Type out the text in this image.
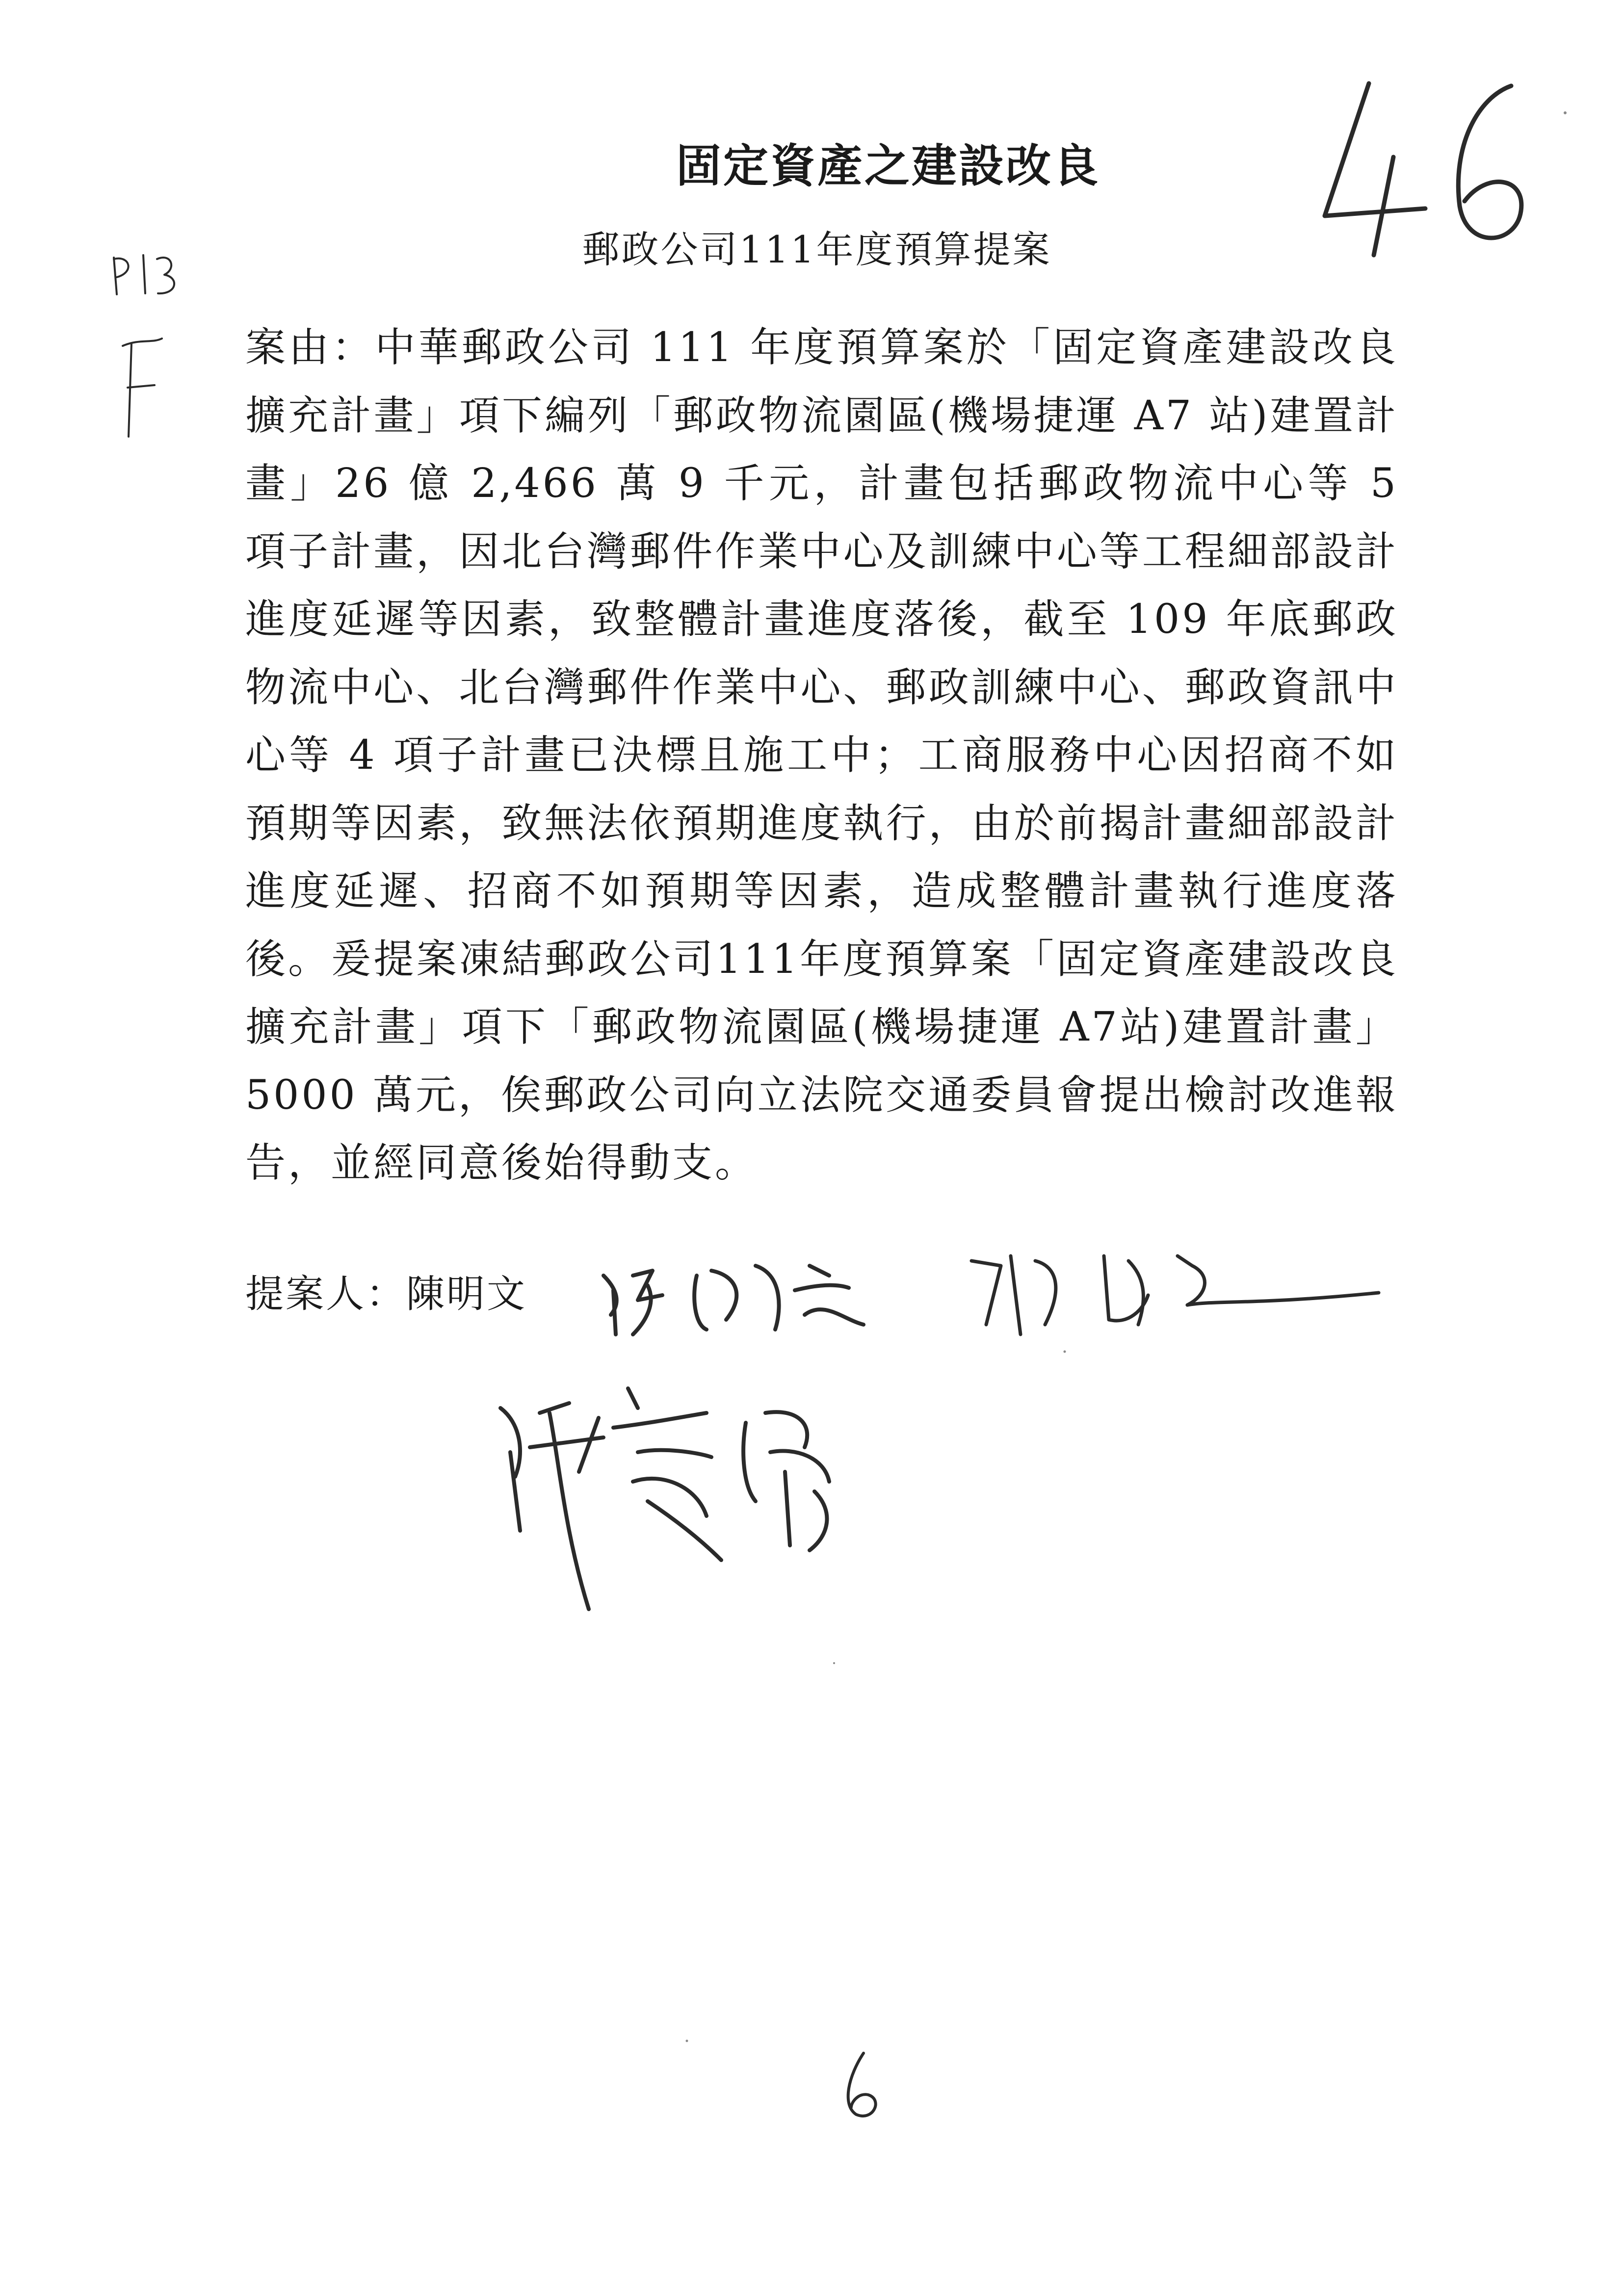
固定資產之建設改良
郵政公司111年度預算提案
案由：中華郵政公司 111 年度預算案於「固定資產建設改良擴充計畫」項下編列「郵政物流園區(機場捷運 A7 站)建置計畫」26 億 2,466 萬 9 千元，計畫包括郵政物流中心等 5 項子計畫，因北台灣郵件作業中心及訓練中心等工程細部設計進度延遲等因素，致整體計畫進度落後，截至 109 年底郵政物流中心、北台灣郵件作業中心、郵政訓練中心、郵政資訊中心等 4 項子計畫已決標且施工中；工商服務中心因招商不如預期等因素，致無法依預期進度執行，由於前揭計畫細部設計進度延遲、招商不如預期等因素，造成整體計畫執行進度落後。爰提案凍結郵政公司111年度預算案「固定資產建設改良擴充計畫」項下「郵政物流園區(機場捷運 A7站)建置計畫」5000 萬元，俟郵政公司向立法院交通委員會提出檢討改進報告，並經同意後始得動支。
提案人：陳明文
